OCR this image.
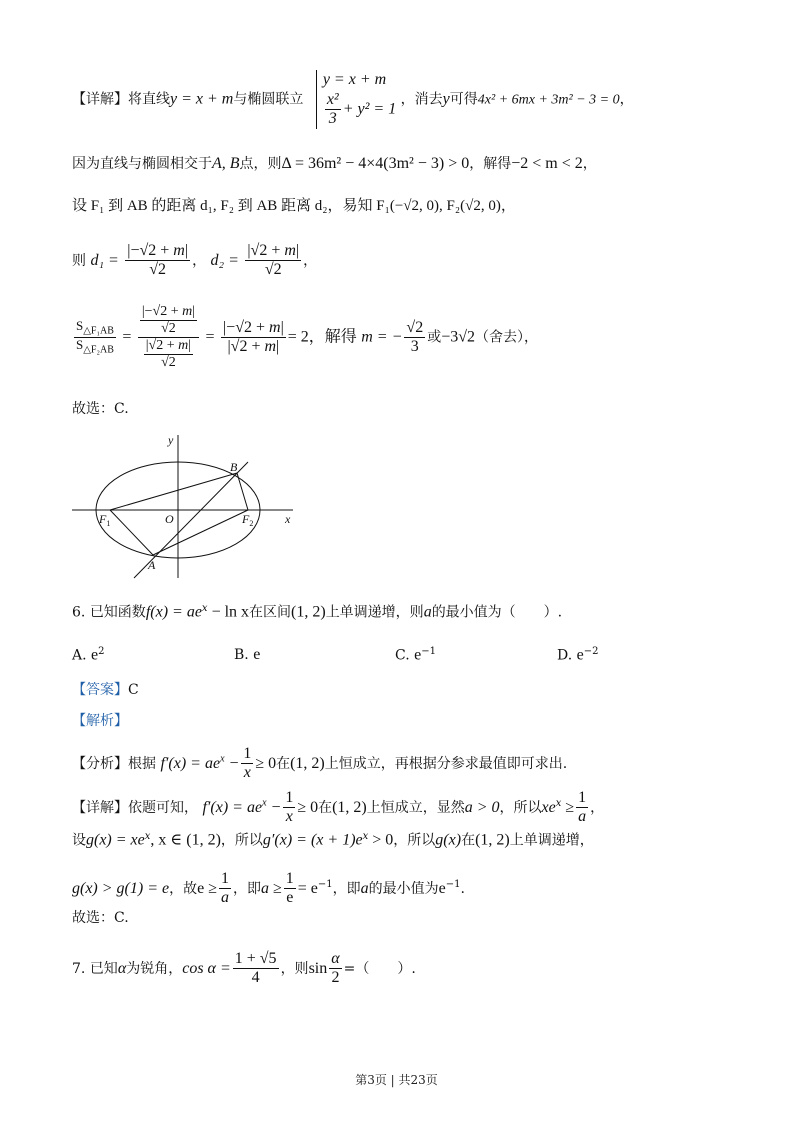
【详解】将直线y = x + m与椭圆联立
y = x + m
$\frac{\text{x²}}{3} + y^2 = 1$
，消去y可得4x² + 6mx + 3m² − 3 = 0，
因为直线与椭圆相交于A, B点，则Δ = 36m² − 4×4(3m² − 3) > 0，解得−2 < m < 2，
设 F₁ 到 AB 的距离 d₁, F₂ 到 AB 距离 d₂，易知 F₁(−√2, 0), F₂(√2, 0)，
则 $d_1 = \frac{|-√2 + m|}{√2}$ ， $d_2 = \frac{|√2 + m|}{√2}$ ，
$\frac{S_{\triangle F_1AB}}{S_{\triangle F_2AB}} = \frac{\frac{|-√2 + m|}{√2}}{\frac{|√2 + m|}{√2}} = \frac{|-√2 + m|}{|√2 + m|} = 2$，解得 m = − $\frac{√2}{3}$ 或−3√2（舍去），
故选：C.
y
x
B
O
$F_1$	$F_2$
A
6. 已知函数$f(x) = ae^x - \ln x$在区间(1, 2)上单调递增，则a的最小值为（　　）.
A. $e^2$	B. e	C. $e^{-1}$	D. $e^{-2}$
【答案】C
【解析】
【分析】根据 $f'(x) = ae^x - \frac{1}{x} \ge 0$在(1, 2)上恒成立，再根据分参求最值即可求出.
【详解】依题可知， $f'(x) = ae^x - \frac{1}{x} \ge 0$在(1, 2)上恒成立，显然a > 0，所以$xe^x \ge \frac{1}{a}$ ，
设$g(x) = xe^x$, x ∈ (1, 2)，所以$g'(x) = (x + 1)e^x > 0$，所以g(x)在(1, 2)上单调递增，
g(x) > g(1) = e，故$e \ge \frac{1}{a}$ ，即$a \ge \frac{1}{e} = e^{-1}$，即a的最小值为$e^{-1}$.
故选：C.
7. 已知α为锐角，$\cos \alpha = \frac{1 + √5}{4}$ ，则$\sin \frac{\alpha}{2}$ =（　　）.
第3页 | 共23页
